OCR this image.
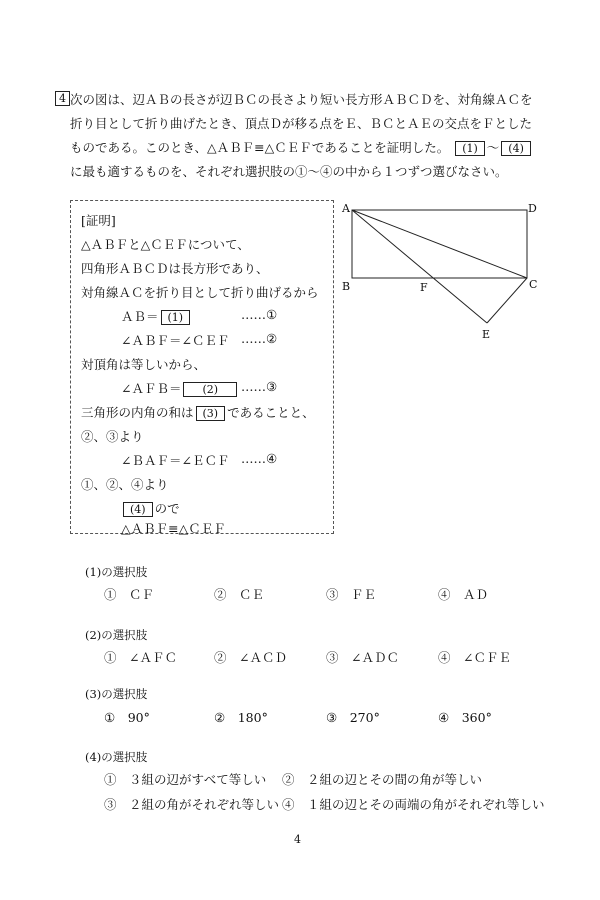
4 次の図は、辺ＡＢの長さが辺ＢＣの長さより短い長方形ＡＢＣＤを、対角線ＡＣを
折り目として折り曲げたとき、頂点Ｄが移る点をＥ、ＢＣとＡＥの交点をＦとした
ものである。このとき、△ＡＢＦ≡△ＣＥＦであることを証明した。 (1) ～ (4)
に最も適するものを、それぞれ選択肢の①～④の中から１つずつ選びなさい。
[証明]
△ＡＢＦと△ＣＥＦについて、
四角形ＡＢＣＤは長方形であり、
対角線ＡＣを折り目として折り曲げるから
ＡＢ＝ (1)	……①
∠ＡＢＦ＝∠ＣＥＦ ……②
対頂角は等しいから、
∠ＡＦＢ＝ (2)	……③
三角形の内角の和は (3) であることと、
②、③より
∠ＢＡＦ＝∠ＥＣＦ ……④
①、②、④より
(4) ので
△ＡＢＦ≡△ＣＥＦ
A	D
B	F	C
E
(1)の選択肢
①　ＣＦ	②　ＣＥ	③　ＦＥ	④　ＡＤ
(2)の選択肢
①　∠ＡＦＣ	②　∠ＡＣＤ	③　∠ＡＤＣ	④　∠ＣＦＥ
(3)の選択肢
①　90°	②　180°	③　270°	④　360°
(4)の選択肢
①　３組の辺がすべて等しい ②　２組の辺とその間の角が等しい
③　２組の角がそれぞれ等しい ④　１組の辺とその両端の角がそれぞれ等しい
4
